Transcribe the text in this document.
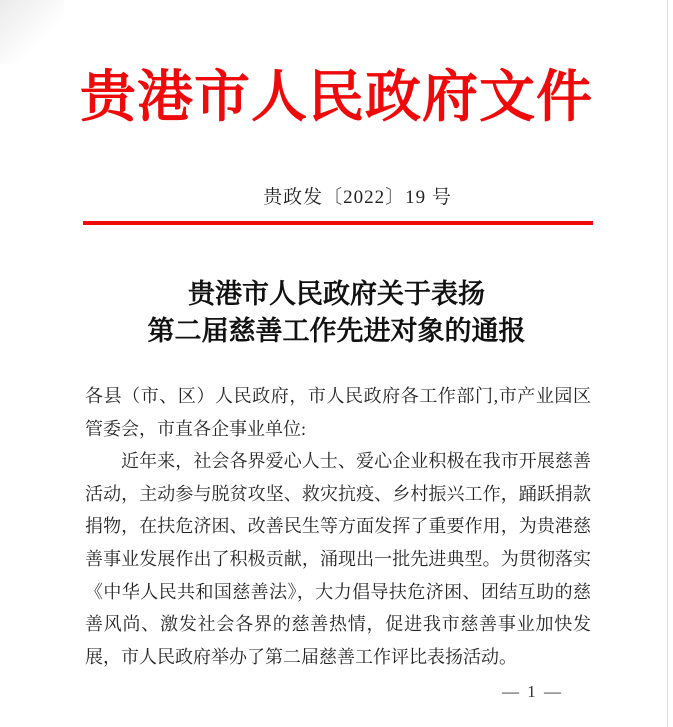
贵港市人民政府文件
贵政发〔2022〕19 号
贵港市人民政府关于表扬
第二届慈善工作先进对象的通报

各县（市、区）人民政府，市人民政府各工作部门,市产业园区管委会，市直各企事业单位:

近年来，社会各界爱心人士、爱心企业积极在我市开展慈善活动，主动参与脱贫攻坚、救灾抗疫、乡村振兴工作，踊跃捐款捐物，在扶危济困、改善民生等方面发挥了重要作用，为贵港慈善事业发展作出了积极贡献，涌现出一批先进典型。为贯彻落实《中华人民共和国慈善法》，大力倡导扶危济困、团结互助的慈善风尚、激发社会各界的慈善热情，促进我市慈善事业加快发展，市人民政府举办了第二届慈善工作评比表扬活动。

— 1 —
